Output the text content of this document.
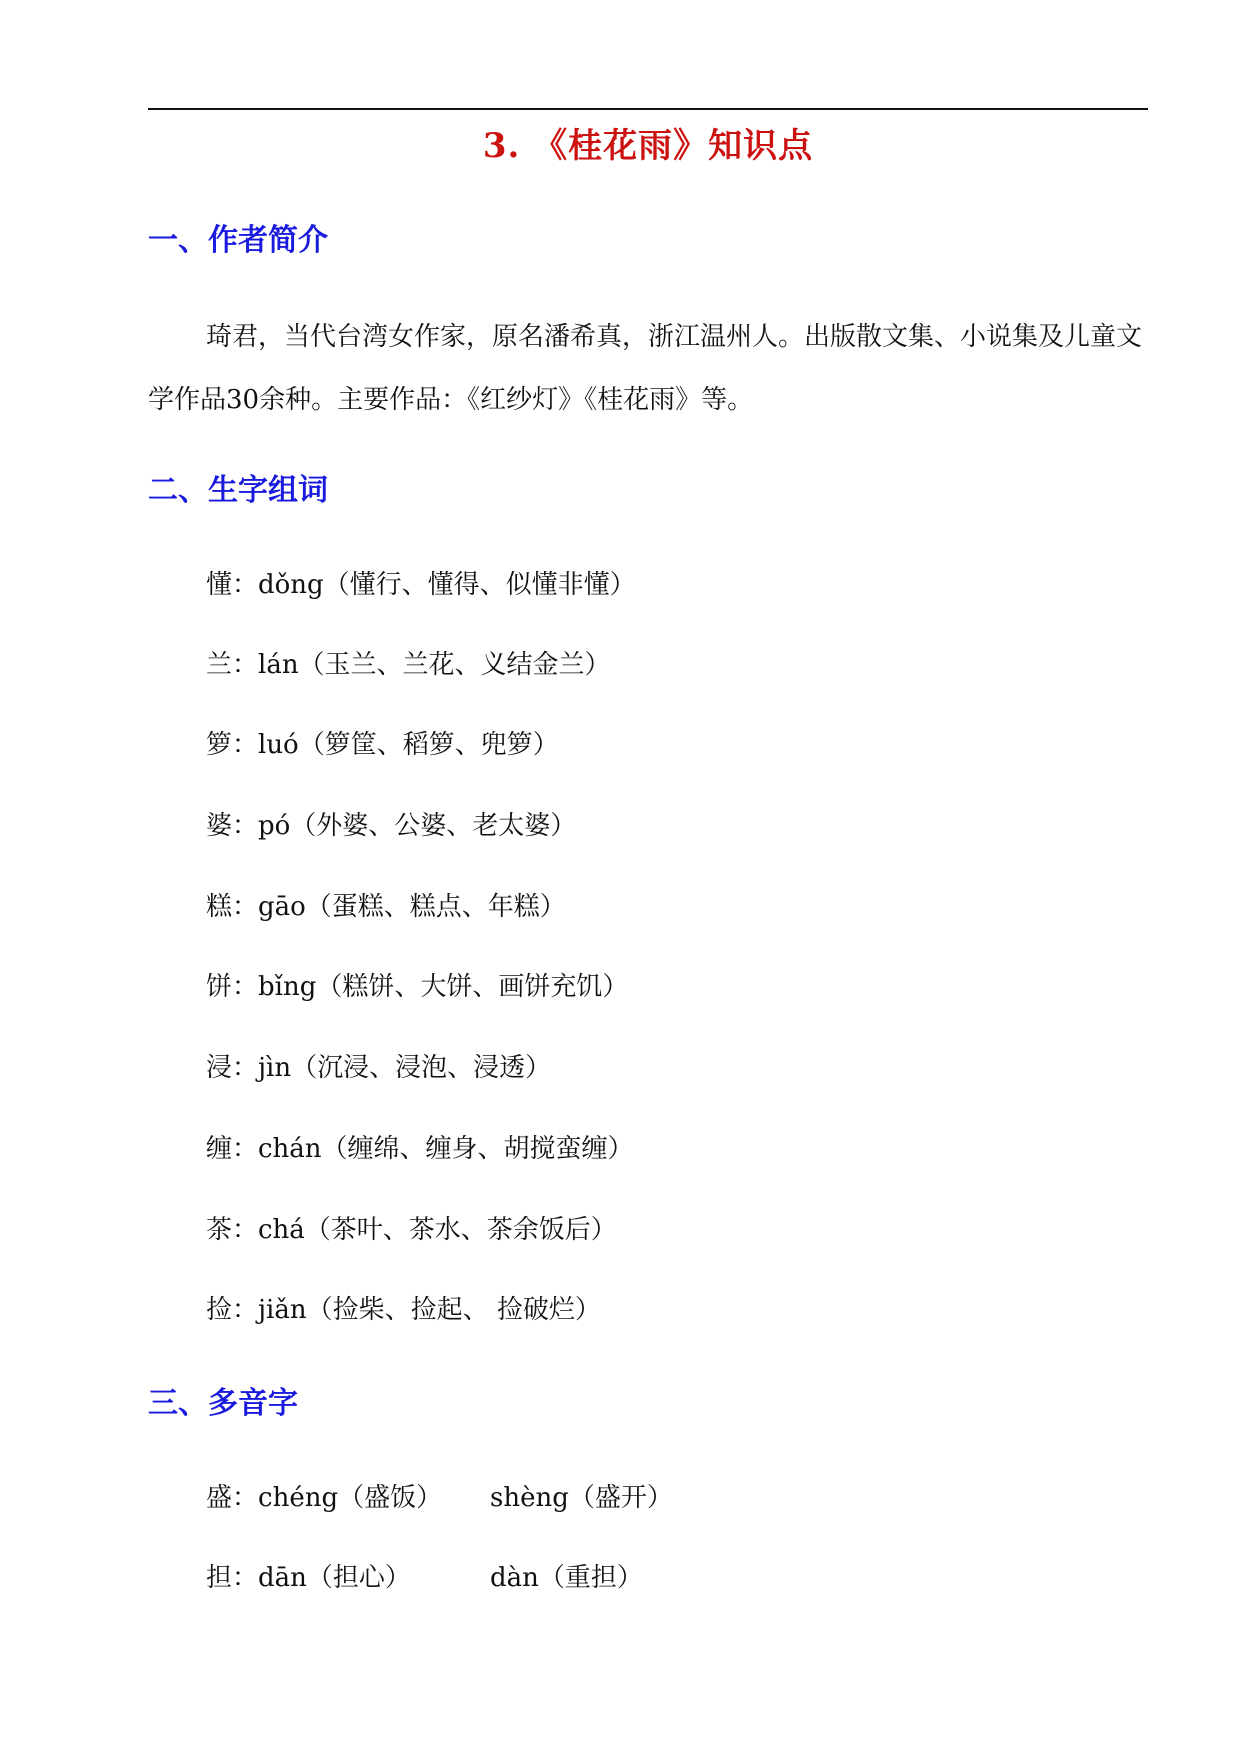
3. 《桂花雨》知识点
一、作者简介

琦君，当代台湾女作家，原名潘希真，浙江温州人。出版散文集、小说集及儿童文学作品30余种。主要作品：《红纱灯》《桂花雨》等。

二、生字组词
懂：dǒng（懂行、懂得、似懂非懂）
兰：lán（玉兰、兰花、义结金兰）
箩：luó（箩筐、稻箩、兜箩）
婆：pó（外婆、公婆、老太婆）
糕：gāo（蛋糕、糕点、年糕）
饼：bǐng（糕饼、大饼、画饼充饥）
浸：jìn（沉浸、浸泡、浸透）
缠：chán（缠绵、缠身、胡搅蛮缠）
茶：chá（茶叶、茶水、茶余饭后）
捡：jiǎn（捡柴、捡起、 捡破烂）
三、多音字
盛：chéng（盛饭） shèng（盛开）
担：dān（担心）	dàn（重担）
